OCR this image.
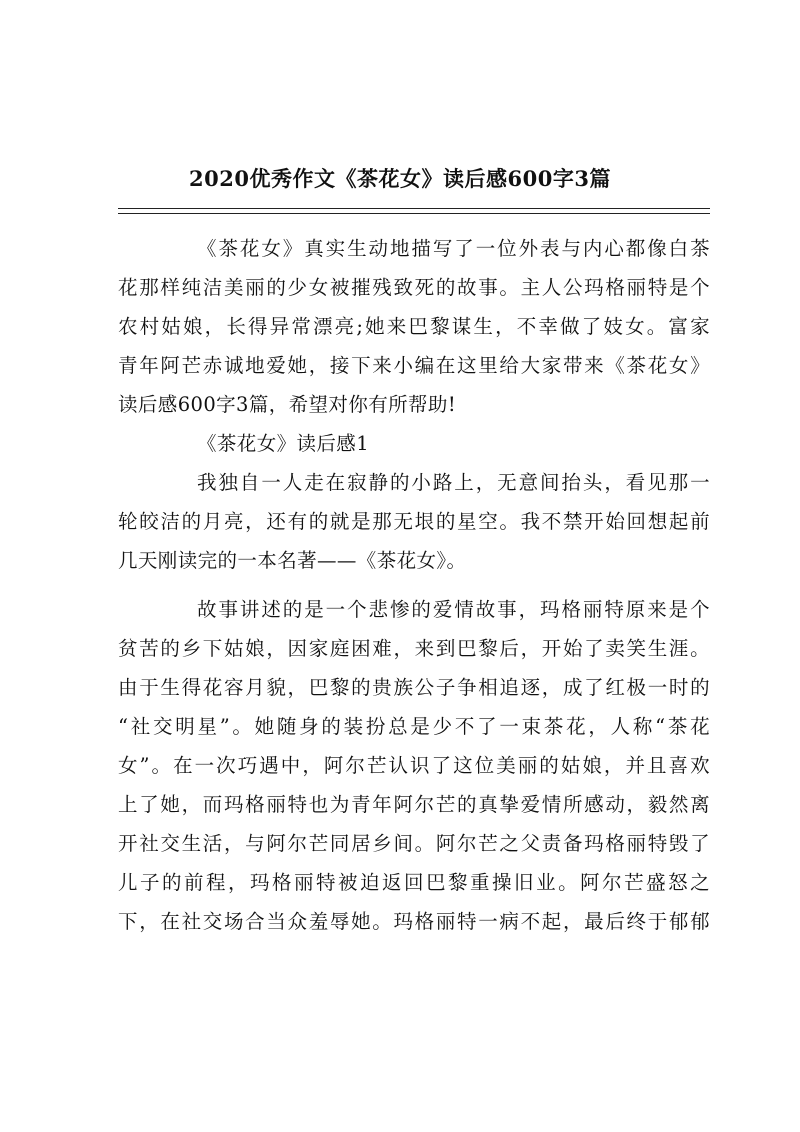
2020优秀作文《茶花女》读后感600字3篇
《茶花女》真实生动地描写了一位外表与内心都像白茶
花那样纯洁美丽的少女被摧残致死的故事。主人公玛格丽特是个
农村姑娘，长得异常漂亮;她来巴黎谋生，不幸做了妓女。富家
青年阿芒赤诚地爱她，接下来小编在这里给大家带来《茶花女》
读后感600字3篇，希望对你有所帮助!
《茶花女》读后感1
我独自一人走在寂静的小路上，无意间抬头，看见那一
轮皎洁的月亮，还有的就是那无垠的星空。我不禁开始回想起前
几天刚读完的一本名著——《茶花女》。
故事讲述的是一个悲惨的爱情故事，玛格丽特原来是个
贫苦的乡下姑娘，因家庭困难，来到巴黎后，开始了卖笑生涯。
由于生得花容月貌，巴黎的贵族公子争相追逐，成了红极一时的
“社交明星”。她随身的装扮总是少不了一束茶花，人称“茶花
女”。在一次巧遇中，阿尔芒认识了这位美丽的姑娘，并且喜欢
上了她，而玛格丽特也为青年阿尔芒的真挚爱情所感动，毅然离
开社交生活，与阿尔芒同居乡间。阿尔芒之父责备玛格丽特毁了
儿子的前程，玛格丽特被迫返回巴黎重操旧业。阿尔芒盛怒之
下，在社交场合当众羞辱她。玛格丽特一病不起，最后终于郁郁
